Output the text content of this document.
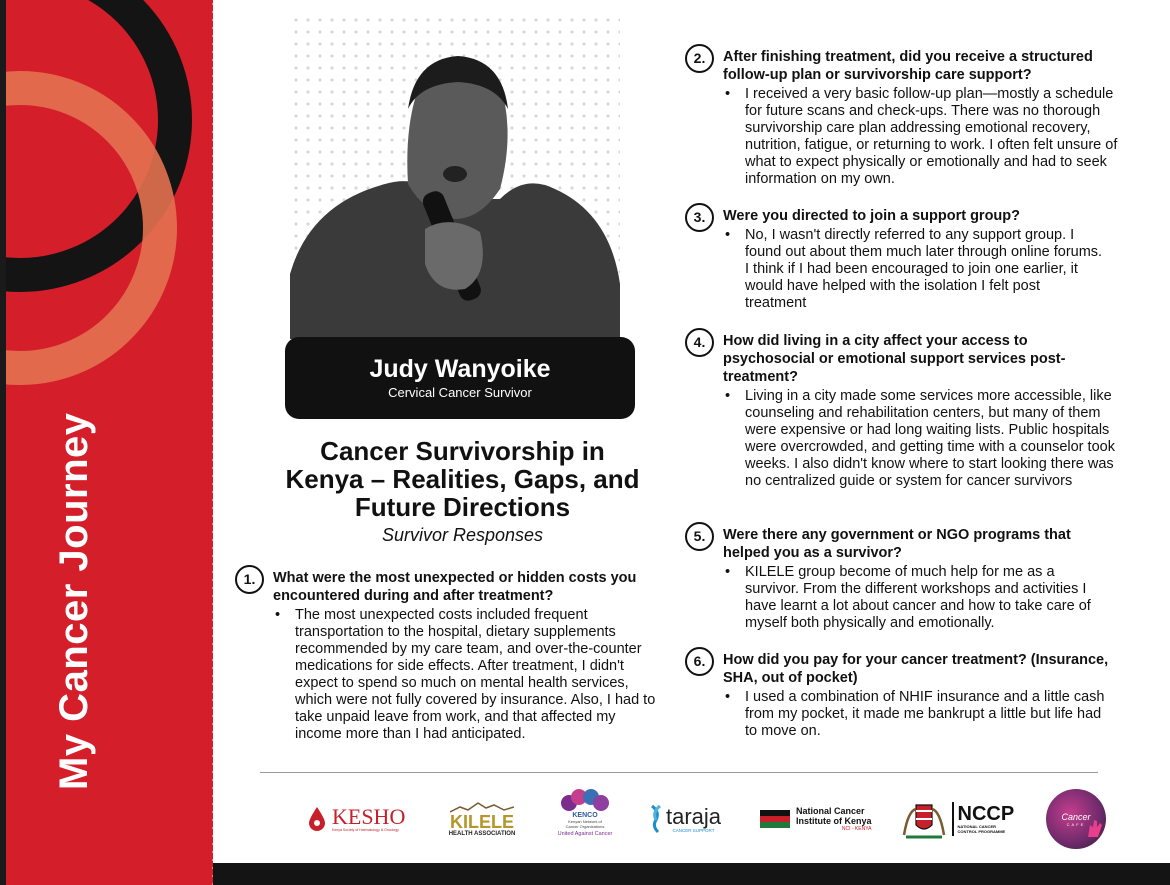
My Cancer Journey
Judy Wanyoike
Cervical Cancer Survivor
Cancer Survivorship in
Kenya – Realities, Gaps, and
Future Directions
Survivor Responses
1.	What were the most unexpected or hidden costs you encountered during and after treatment?
• The most unexpected costs included frequent transportation to the hospital, dietary supplements recommended by my care team, and over-the-counter medications for side effects. After treatment, I didn't expect to spend so much on mental health services, which were not fully covered by insurance. Also, I had to take unpaid leave from work, and that affected my income more than I had anticipated.
2.	After finishing treatment, did you receive a structured follow-up plan or survivorship care support?
• I received a very basic follow-up plan—mostly a schedule for future scans and check-ups. There was no thorough survivorship care plan addressing emotional recovery, nutrition, fatigue, or returning to work. I often felt unsure of what to expect physically or emotionally and had to seek information on my own.
3.	Were you directed to join a support group?
• No, I wasn't directly referred to any support group. I found out about them much later through online forums. I think if I had been encouraged to join one earlier, it would have helped with the isolation I felt post treatment
4.	How did living in a city affect your access to psychosocial or emotional support services post-treatment?
• Living in a city made some services more accessible, like counseling and rehabilitation centers, but many of them were expensive or had long waiting lists. Public hospitals were overcrowded, and getting time with a counselor took weeks. I also didn't know where to start looking there was no centralized guide or system for cancer survivors
5.	Were there any government or NGO programs that helped you as a survivor?
• KILELE group become of much help for me as a survivor. From the different workshops and activities I have learnt a lot about cancer and how to take care of myself both physically and emotionally.
6.	How did you pay for your cancer treatment? (Insurance, SHA, out of pocket)
• I used a combination of NHIF insurance and a little cash from my pocket, it made me bankrupt a little but life had to move on.
KESHO
Kenya Society of Haematology & Oncology	KILELE
HEALTH ASSOCIATION
KENCO
Kenyan Network of
Cancer Organizations
United Against Cancer
taraja
CANCER SUPPORT
National Cancer
Institute of Kenya
NCI - KENYA
NCCP
NATIONAL CANCER
CONTROL PROGRAMME
Cancer
CAFE
